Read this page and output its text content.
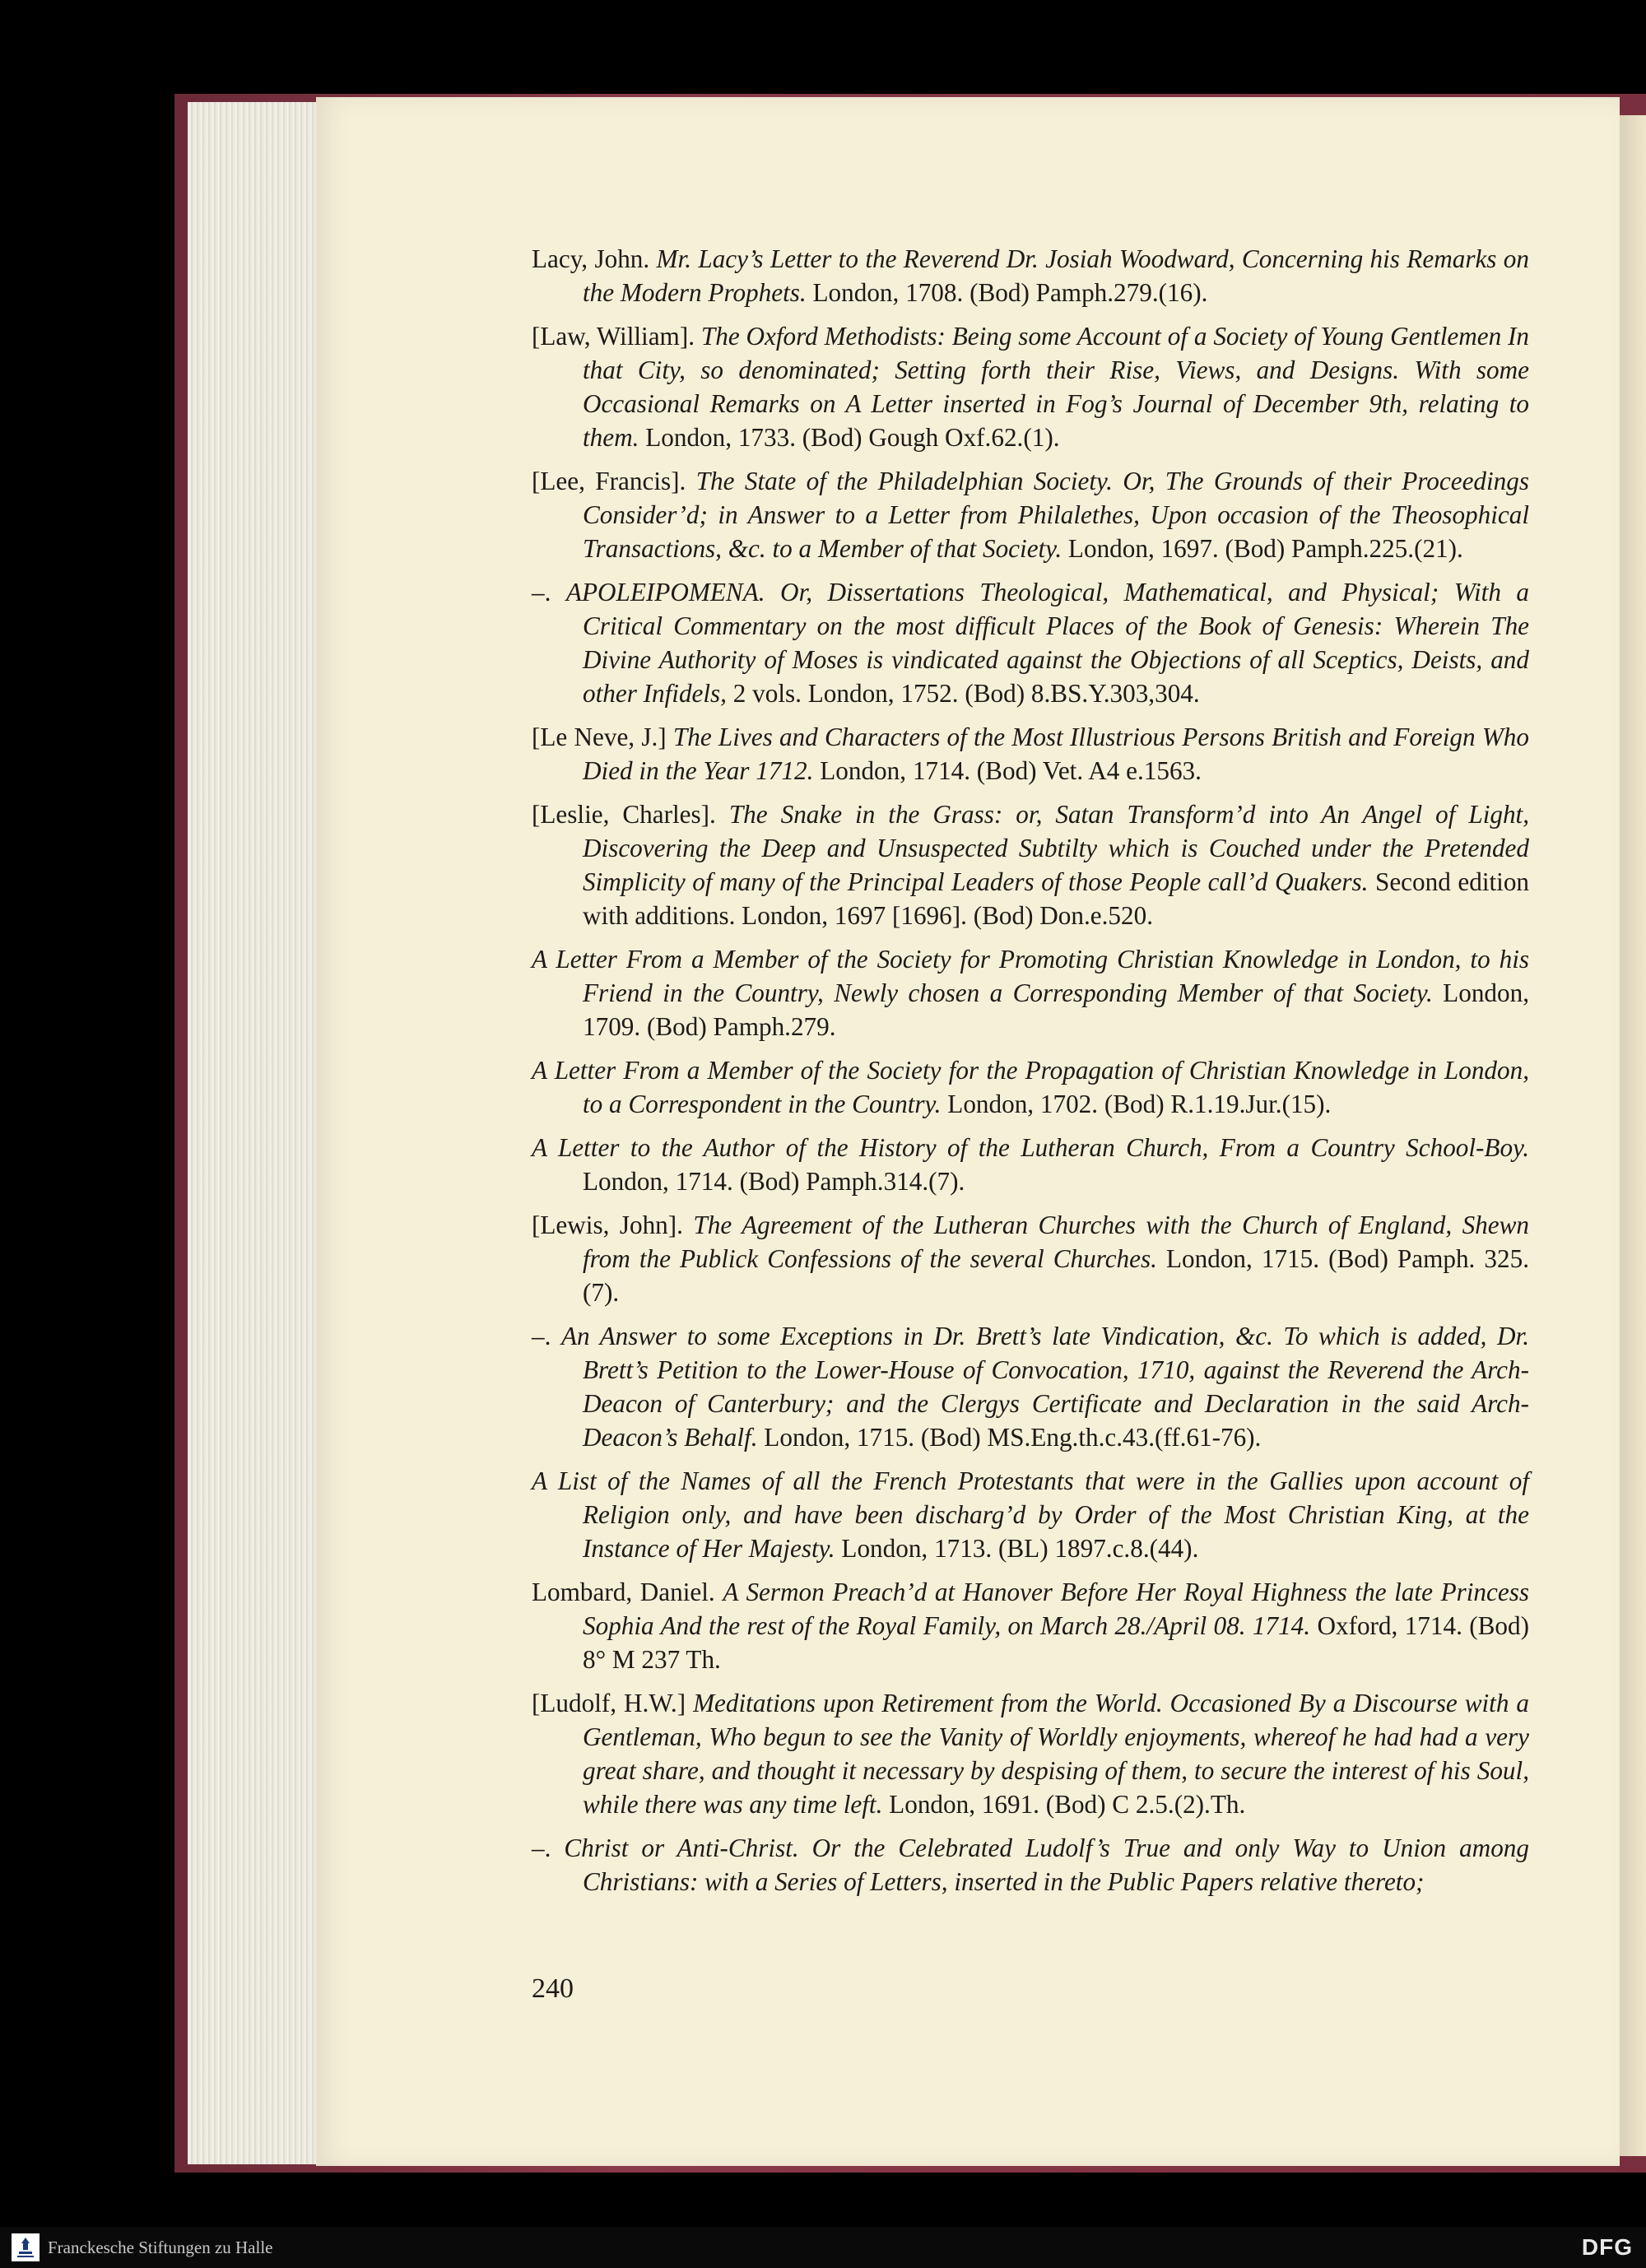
Lacy, John. Mr. Lacy’s Letter to the Reverend Dr. Josiah Woodward, Concerning his Remarks on the Modern Prophets. London, 1708. (Bod) Pamph.279.(16).

[Law, William]. The Oxford Methodists: Being some Account of a Society of Young Gentlemen In that City, so denominated; Setting forth their Rise, Views, and Designs. With some Occasional Remarks on A Letter inserted in Fog’s Journal of December 9th, relating to them. London, 1733. (Bod) Gough Oxf.62.(1).

[Lee, Francis]. The State of the Philadelphian Society. Or, The Grounds of their Proceedings Consider’d; in Answer to a Letter from Philalethes, Upon occasion of the Theosophical Transactions, &c. to a Member of that Society. London, 1697. (Bod) Pamph.225.(21).

–. APOLEIPOMENA. Or, Dissertations Theological, Mathematical, and Physical; With a Critical Commentary on the most difficult Places of the Book of Genesis: Wherein The Divine Authority of Moses is vindicated against the Objections of all Sceptics, Deists, and other Infidels, 2 vols. London, 1752. (Bod) 8.BS.Y.303,304.

[Le Neve, J.] The Lives and Characters of the Most Illustrious Persons British and Foreign Who Died in the Year 1712. London, 1714. (Bod) Vet. A4 e.1563.

[Leslie, Charles]. The Snake in the Grass: or, Satan Transform’d into An Angel of Light, Discovering the Deep and Unsuspected Subtilty which is Couched under the Pretended Simplicity of many of the Principal Leaders of those People call’d Quakers. Second edition with additions. London, 1697 [1696]. (Bod) Don.e.520.

A Letter From a Member of the Society for Promoting Christian Knowledge in London, to his Friend in the Country, Newly chosen a Corresponding Member of that Society. London, 1709. (Bod) Pamph.279.

A Letter From a Member of the Society for the Propagation of Christian Knowledge in London, to a Correspondent in the Country. London, 1702. (Bod) R.1.19.Jur.(15).

A Letter to the Author of the History of the Lutheran Church, From a Country School-Boy. London, 1714. (Bod) Pamph.314.(7).

[Lewis, John]. The Agreement of the Lutheran Churches with the Church of England, Shewn from the Publick Confessions of the several Churches. London, 1715. (Bod) Pamph. 325.(7).

–. An Answer to some Exceptions in Dr. Brett’s late Vindication, &c. To which is added, Dr. Brett’s Petition to the Lower-House of Convocation, 1710, against the Reverend the Arch-Deacon of Canterbury; and the Clergys Certificate and Declaration in the said Arch-Deacon’s Behalf. London, 1715. (Bod) MS.Eng.th.c.43.(ff.61-76).

A List of the Names of all the French Protestants that were in the Gallies upon account of Religion only, and have been discharg’d by Order of the Most Christian King, at the Instance of Her Majesty. London, 1713. (BL) 1897.c.8.(44).

Lombard, Daniel. A Sermon Preach’d at Hanover Before Her Royal Highness the late Princess Sophia And the rest of the Royal Family, on March 28./April 08. 1714. Oxford, 1714. (Bod) 8° M 237 Th.

[Ludolf, H.W.] Meditations upon Retirement from the World. Occasioned By a Discourse with a Gentleman, Who begun to see the Vanity of Worldly enjoyments, whereof he had had a very great share, and thought it necessary by despising of them, to secure the interest of his Soul, while there was any time left. London, 1691. (Bod) C 2.5.(2).Th.

–. Christ or Anti-Christ. Or the Celebrated Ludolf’s True and only Way to Union among Christians: with a Series of Letters, inserted in the Public Papers relative thereto;

240
Franckesche Stiftungen zu Halle	DFG
